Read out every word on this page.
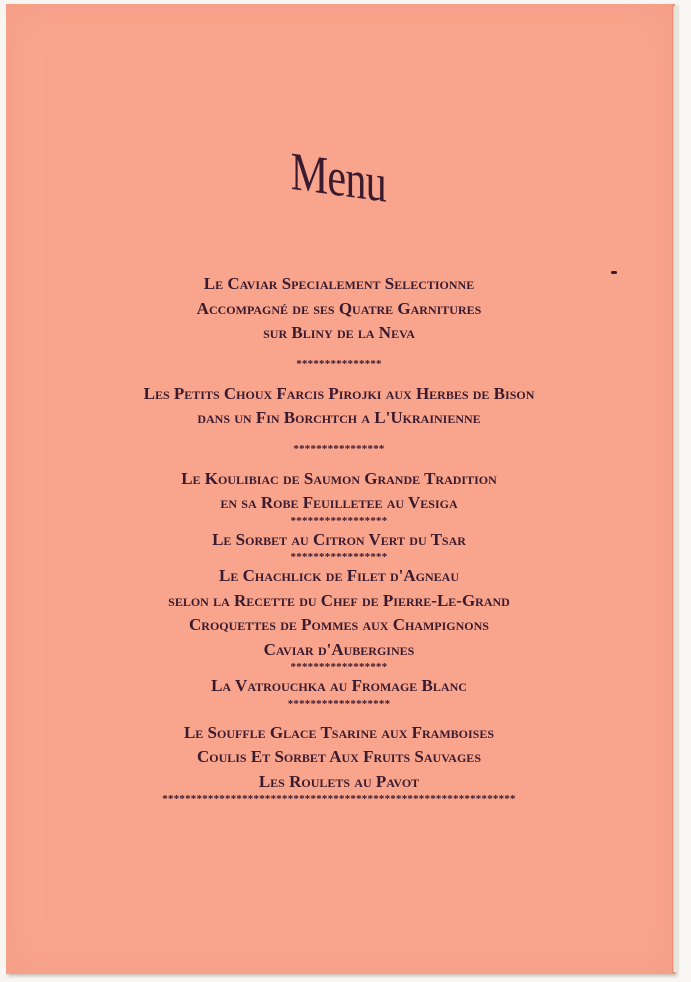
Menu
Le Caviar Specialement Selectionne
Accompagné de ses Quatre Garnitures
sur Bliny de la Neva
***************
Les Petits Choux Farcis Pirojki aux Herbes de Bison
dans un Fin Borchtch a L'Ukrainienne
****************
Le Koulibiac de Saumon Grande Tradition
en sa Robe Feuilletee au Vesiga
*****************
Le Sorbet au Citron Vert du Tsar
*****************
Le Chachlick de Filet d'Agneau
selon la Recette du Chef de Pierre-Le-Grand
Croquettes de Pommes aux Champignons
Caviar d'Aubergines
*****************
La Vatrouchka au Fromage Blanc
******************
Le Souffle Glace Tsarine aux Framboises
Coulis Et Sorbet Aux Fruits Sauvages
Les Roulets au Pavot
**************************************************************
